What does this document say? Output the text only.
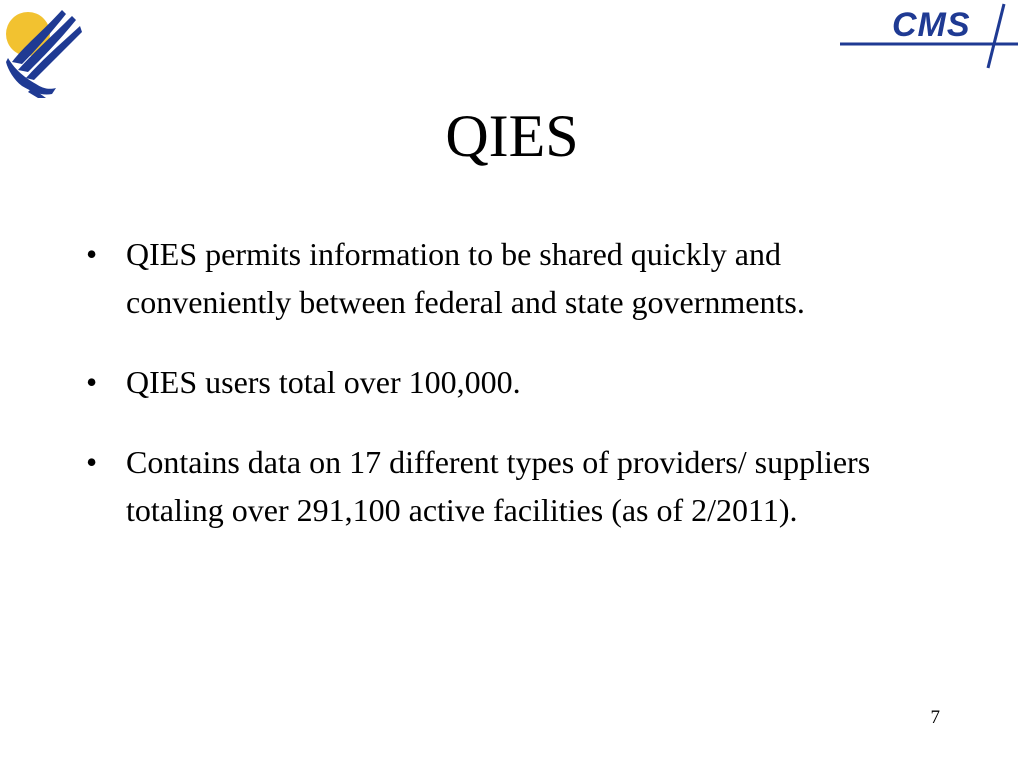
CMS
QIES
• QIES permits information to be shared quickly and conveniently between federal and state governments.
• QIES users total over 100,000.
• Contains data on 17 different types of providers/ suppliers totaling over 291,100 active facilities (as of 2/2011).
7
